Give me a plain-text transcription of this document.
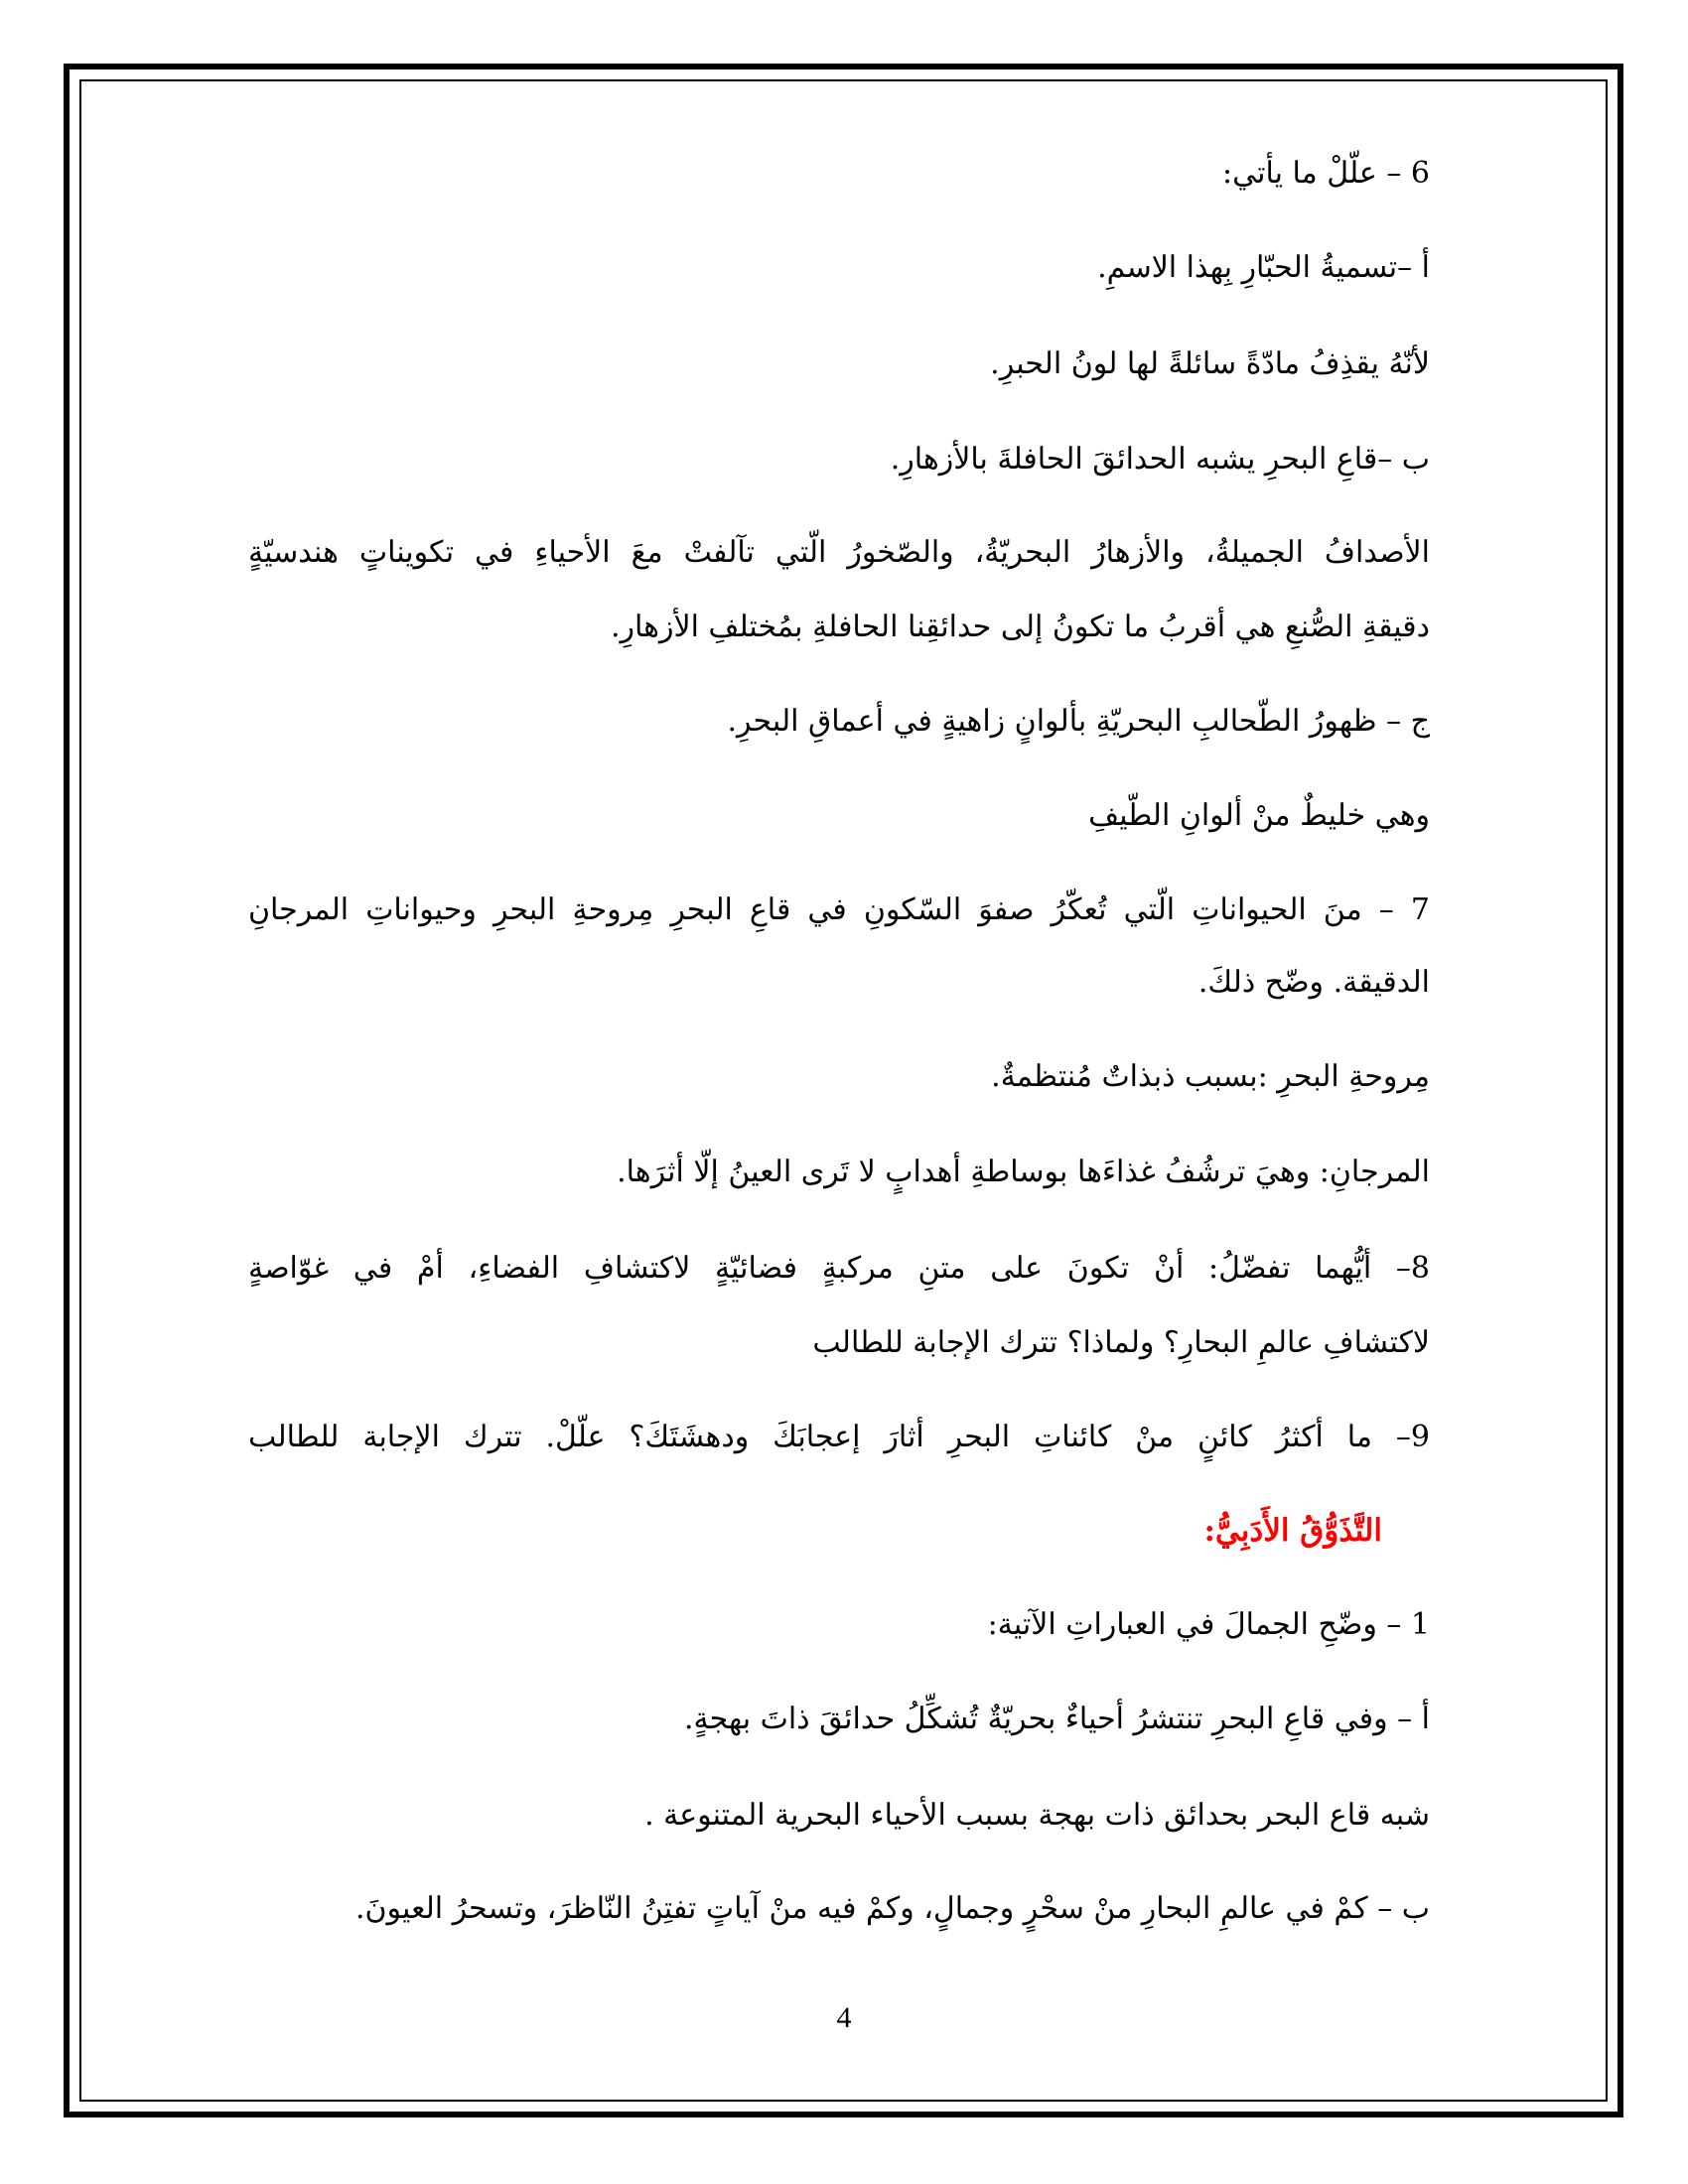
6 – علّلْ ما يأتي:
أ –تسميةُ الحبّارِ بِهذا الاسمِ.
لأنّهُ يقذِفُ مادّةً سائلةً لها لونُ الحبرِ.
ب –قاعِ البحرِ يشبه الحدائقَ الحافلةَ بالأزهارِ.
الأصدافُ الجميلةُ، والأزهارُ البحريّةُ، والصّخورُ الّتي تآلفتْ معَ الأحياءِ في تكويناتٍ هندسيّةٍ
دقيقةِ الصُّنعِ هي أقربُ ما تكونُ إلى حدائقِنا الحافلةِ بمُختلفِ الأزهارِ.
ج – ظهورُ الطّحالبِ البحريّةِ بألوانٍ زاهيةٍ في أعماقِ البحرِ.
وهي خليطٌ منْ ألوانِ الطّيفِ
7 – منَ الحيواناتِ الّتي تُعكّرُ صفوَ السّكونِ في قاعِ البحرِ مِروحةِ البحرِ وحيواناتِ المرجانِ
الدقيقة. وضّح ذلكَ.
مِروحةِ البحرِ :بسبب ذبذاتٌ مُنتظمةٌ.
المرجانِ: وهيَ ترشُفُ غذاءَها بوساطةِ أهدابٍ لا تَرى العينُ إلّا أثرَها.
8– أيُّهما تفضّلُ: أنْ تكونَ على متنِ مركبةٍ فضائيّةٍ لاكتشافِ الفضاءِ، أمْ في غوّاصةٍ
لاكتشافِ عالمِ البحارِ؟ ولماذا؟ تترك الإجابة للطالب
9– ما أكثرُ كائنٍ منْ كائناتِ البحرِ أثارَ إعجابَكَ ودهشَتَكَ؟ علّلْ. تترك الإجابة للطالب
التَّذَوُّقُ الأَدَبِيُّ:
1 – وضّحِ الجمالَ في العباراتِ الآتية:
أ – وفي قاعِ البحرِ تنتشرُ أحياءٌ بحريّةٌ تُشكِّلُ حدائقَ ذاتَ بهجةٍ.
شبه قاع البحر بحدائق ذات بهجة بسبب الأحياء البحرية المتنوعة .
ب – كمْ في عالمِ البحارِ منْ سحْرٍ وجمالٍ، وكمْ فيه منْ آياتٍ تفتِنُ النّاظرَ، وتسحرُ العيونَ.
4
